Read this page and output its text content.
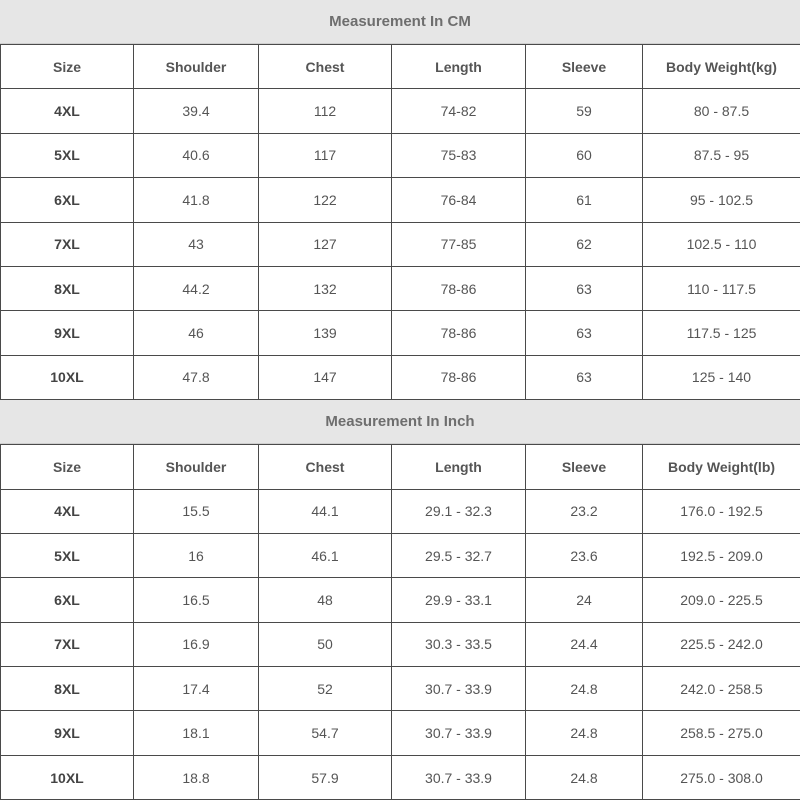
Measurement In CM
Size	Shoulder	Chest	Length	Sleeve	Body Weight(kg)
4XL	39.4	112	74-82	59	80 - 87.5
5XL	40.6	117	75-83	60	87.5 - 95
6XL	41.8	122	76-84	61	95 - 102.5
7XL	43	127	77-85	62	102.5 - 110
8XL	44.2	132	78-86	63	110 - 117.5
9XL	46	139	78-86	63	117.5 - 125
10XL	47.8	147	78-86	63	125 - 140
Measurement In Inch
Size	Shoulder	Chest	Length	Sleeve	Body Weight(lb)
4XL	15.5	44.1	29.1 - 32.3	23.2	176.0 - 192.5
5XL	16	46.1	29.5 - 32.7	23.6	192.5 - 209.0
6XL	16.5	48	29.9 - 33.1	24	209.0 - 225.5
7XL	16.9	50	30.3 - 33.5	24.4	225.5 - 242.0
8XL	17.4	52	30.7 - 33.9	24.8	242.0 - 258.5
9XL	18.1	54.7	30.7 - 33.9	24.8	258.5 - 275.0
10XL	18.8	57.9	30.7 - 33.9	24.8	275.0 - 308.0
